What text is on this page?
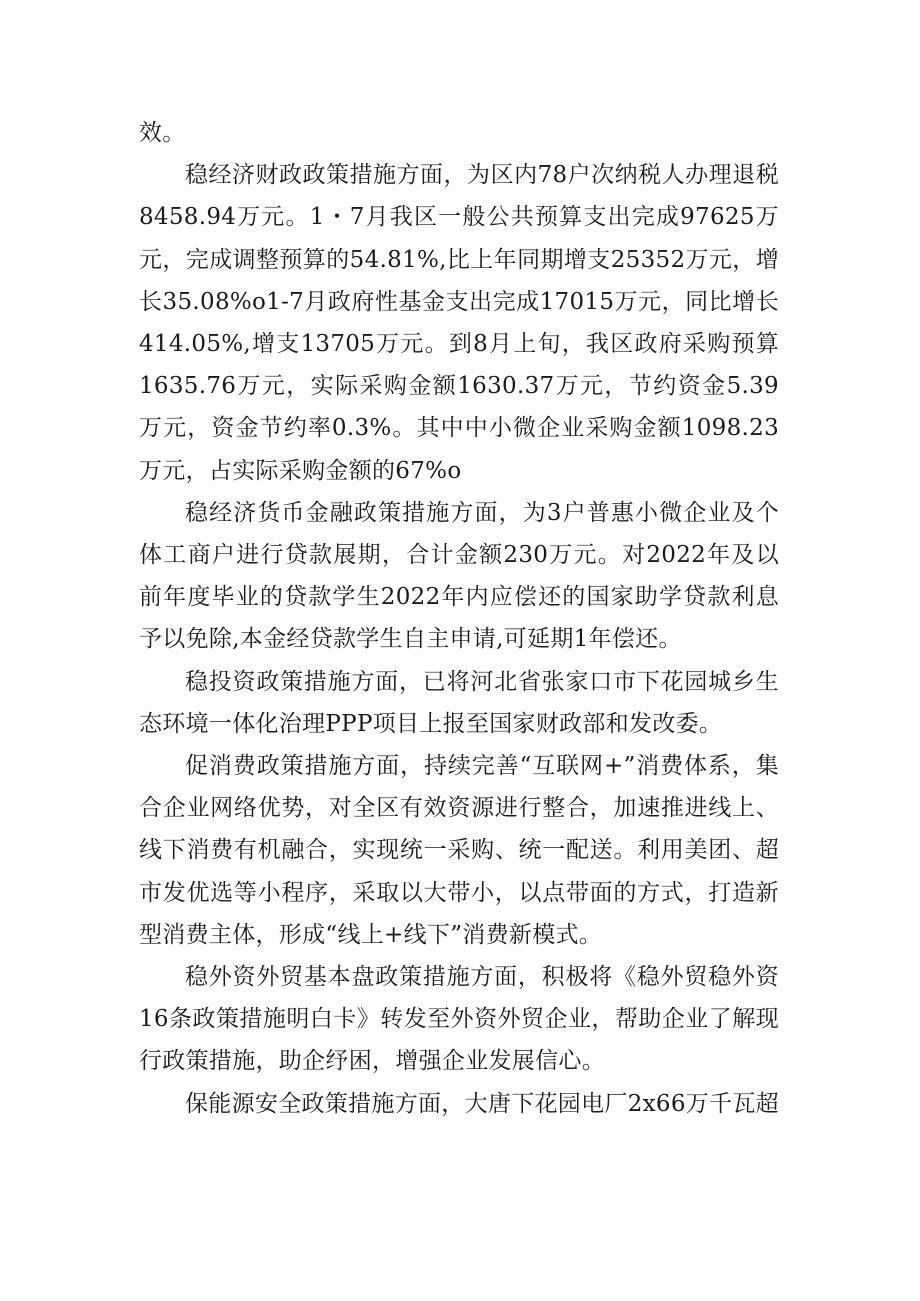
效。

稳经济财政政策措施方面，为区内78户次纳税人办理退税8458.94万元。1・7月我区一般公共预算支出完成97625万元，完成调整预算的54.81%,比上年同期增支25352万元，增长35.08%o1-7月政府性基金支出完成17015万元，同比增长414.05%,增支13705万元。到8月上旬，我区政府采购预算1635.76万元，实际采购金额1630.37万元，节约资金5.39万元，资金节约率0.3%。其中中小微企业采购金额1098.23万元，占实际采购金额的67%o

稳经济货币金融政策措施方面，为3户普惠小微企业及个体工商户进行贷款展期，合计金额230万元。对2022年及以前年度毕业的贷款学生2022年内应偿还的国家助学贷款利息予以免除,本金经贷款学生自主申请,可延期1年偿还。

稳投资政策措施方面，已将河北省张家口市下花园城乡生态环境一体化治理PPP项目上报至国家财政部和发改委。

促消费政策措施方面，持续完善“互联网+”消费体系，集合企业网络优势，对全区有效资源进行整合，加速推进线上、线下消费有机融合，实现统一采购、统一配送。利用美团、超市发优选等小程序，采取以大带小，以点带面的方式，打造新型消费主体，形成“线上+线下”消费新模式。

稳外资外贸基本盘政策措施方面，积极将《稳外贸稳外资16条政策措施明白卡》转发至外资外贸企业，帮助企业了解现行政策措施，助企纾困，增强企业发展信心。

保能源安全政策措施方面，大唐下花园电厂2x66万千瓦超
